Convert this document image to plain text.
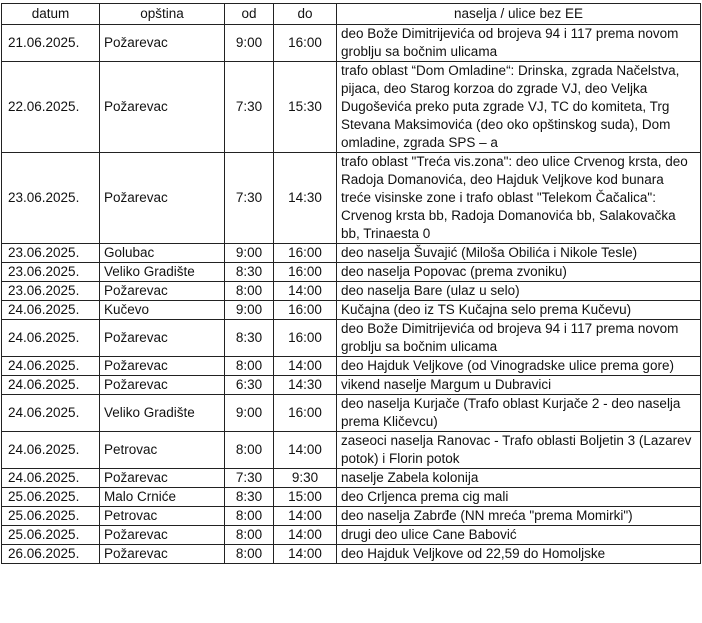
datum	opština	od	do	naselja / ulice bez EE
21.06.2025.	Požarevac	9:00	16:00	deo Bože Dimitrijevića od brojeva 94 i 117 prema novom groblju sa bočnim ulicama
22.06.2025.	Požarevac	7:30	15:30	trafo oblast “Dom Omladine“: Drinska, zgrada Načelstva, pijaca, deo Starog korzoa do zgrade VJ, deo Veljka Dugoševića preko puta zgrade VJ, TC do komiteta, Trg Stevana Maksimovića (deo oko opštinskog suda), Dom omladine, zgrada SPS – a
23.06.2025.	Požarevac	7:30	14:30	trafo oblast "Treća vis.zona": deo ulice Crvenog krsta, deo Radoja Domanovića, deo Hajduk Veljkove kod bunara treće visinske zone i trafo oblast "Telekom Čačalica": Crvenog krsta bb, Radoja Domanovića bb, Salakovačka bb, Trinaesta 0
23.06.2025.	Golubac	9:00	16:00	deo naselja Šuvajić (Miloša Obilića i Nikole Tesle)
23.06.2025.	Veliko Gradište	8:30	16:00	deo naselja Popovac (prema zvoniku)
23.06.2025.	Požarevac	8:00	14:00	deo naselja Bare (ulaz u selo)
24.06.2025.	Kučevo	9:00	16:00	Kučajna (deo iz TS Kučajna selo prema Kučevu)
24.06.2025.	Požarevac	8:30	16:00	deo Bože Dimitrijevića od brojeva 94 i 117 prema novom groblju sa bočnim ulicama
24.06.2025.	Požarevac	8:00	14:00	deo Hajduk Veljkove (od Vinogradske ulice prema gore)
24.06.2025.	Požarevac	6:30	14:30	vikend naselje Margum u Dubravici
24.06.2025.	Veliko Gradište	9:00	16:00	deo naselja Kurjače (Trafo oblast Kurjače 2 - deo naselja prema Kličevcu)
24.06.2025.	Petrovac	8:00	14:00	zaseoci naselja Ranovac - Trafo oblasti Boljetin 3 (Lazarev potok) i Florin potok
24.06.2025.	Požarevac	7:30	9:30	naselje Zabela kolonija
25.06.2025.	Malo Crniće	8:30	15:00	deo Crljenca prema cig mali
25.06.2025.	Petrovac	8:00	14:00	deo naselja Zabrđe (NN mreća "prema Momirki")
25.06.2025.	Požarevac	8:00	14:00	drugi deo ulice Cane Babović
26.06.2025.	Požarevac	8:00	14:00	deo Hajduk Veljkove od 22,59 do Homoljske
